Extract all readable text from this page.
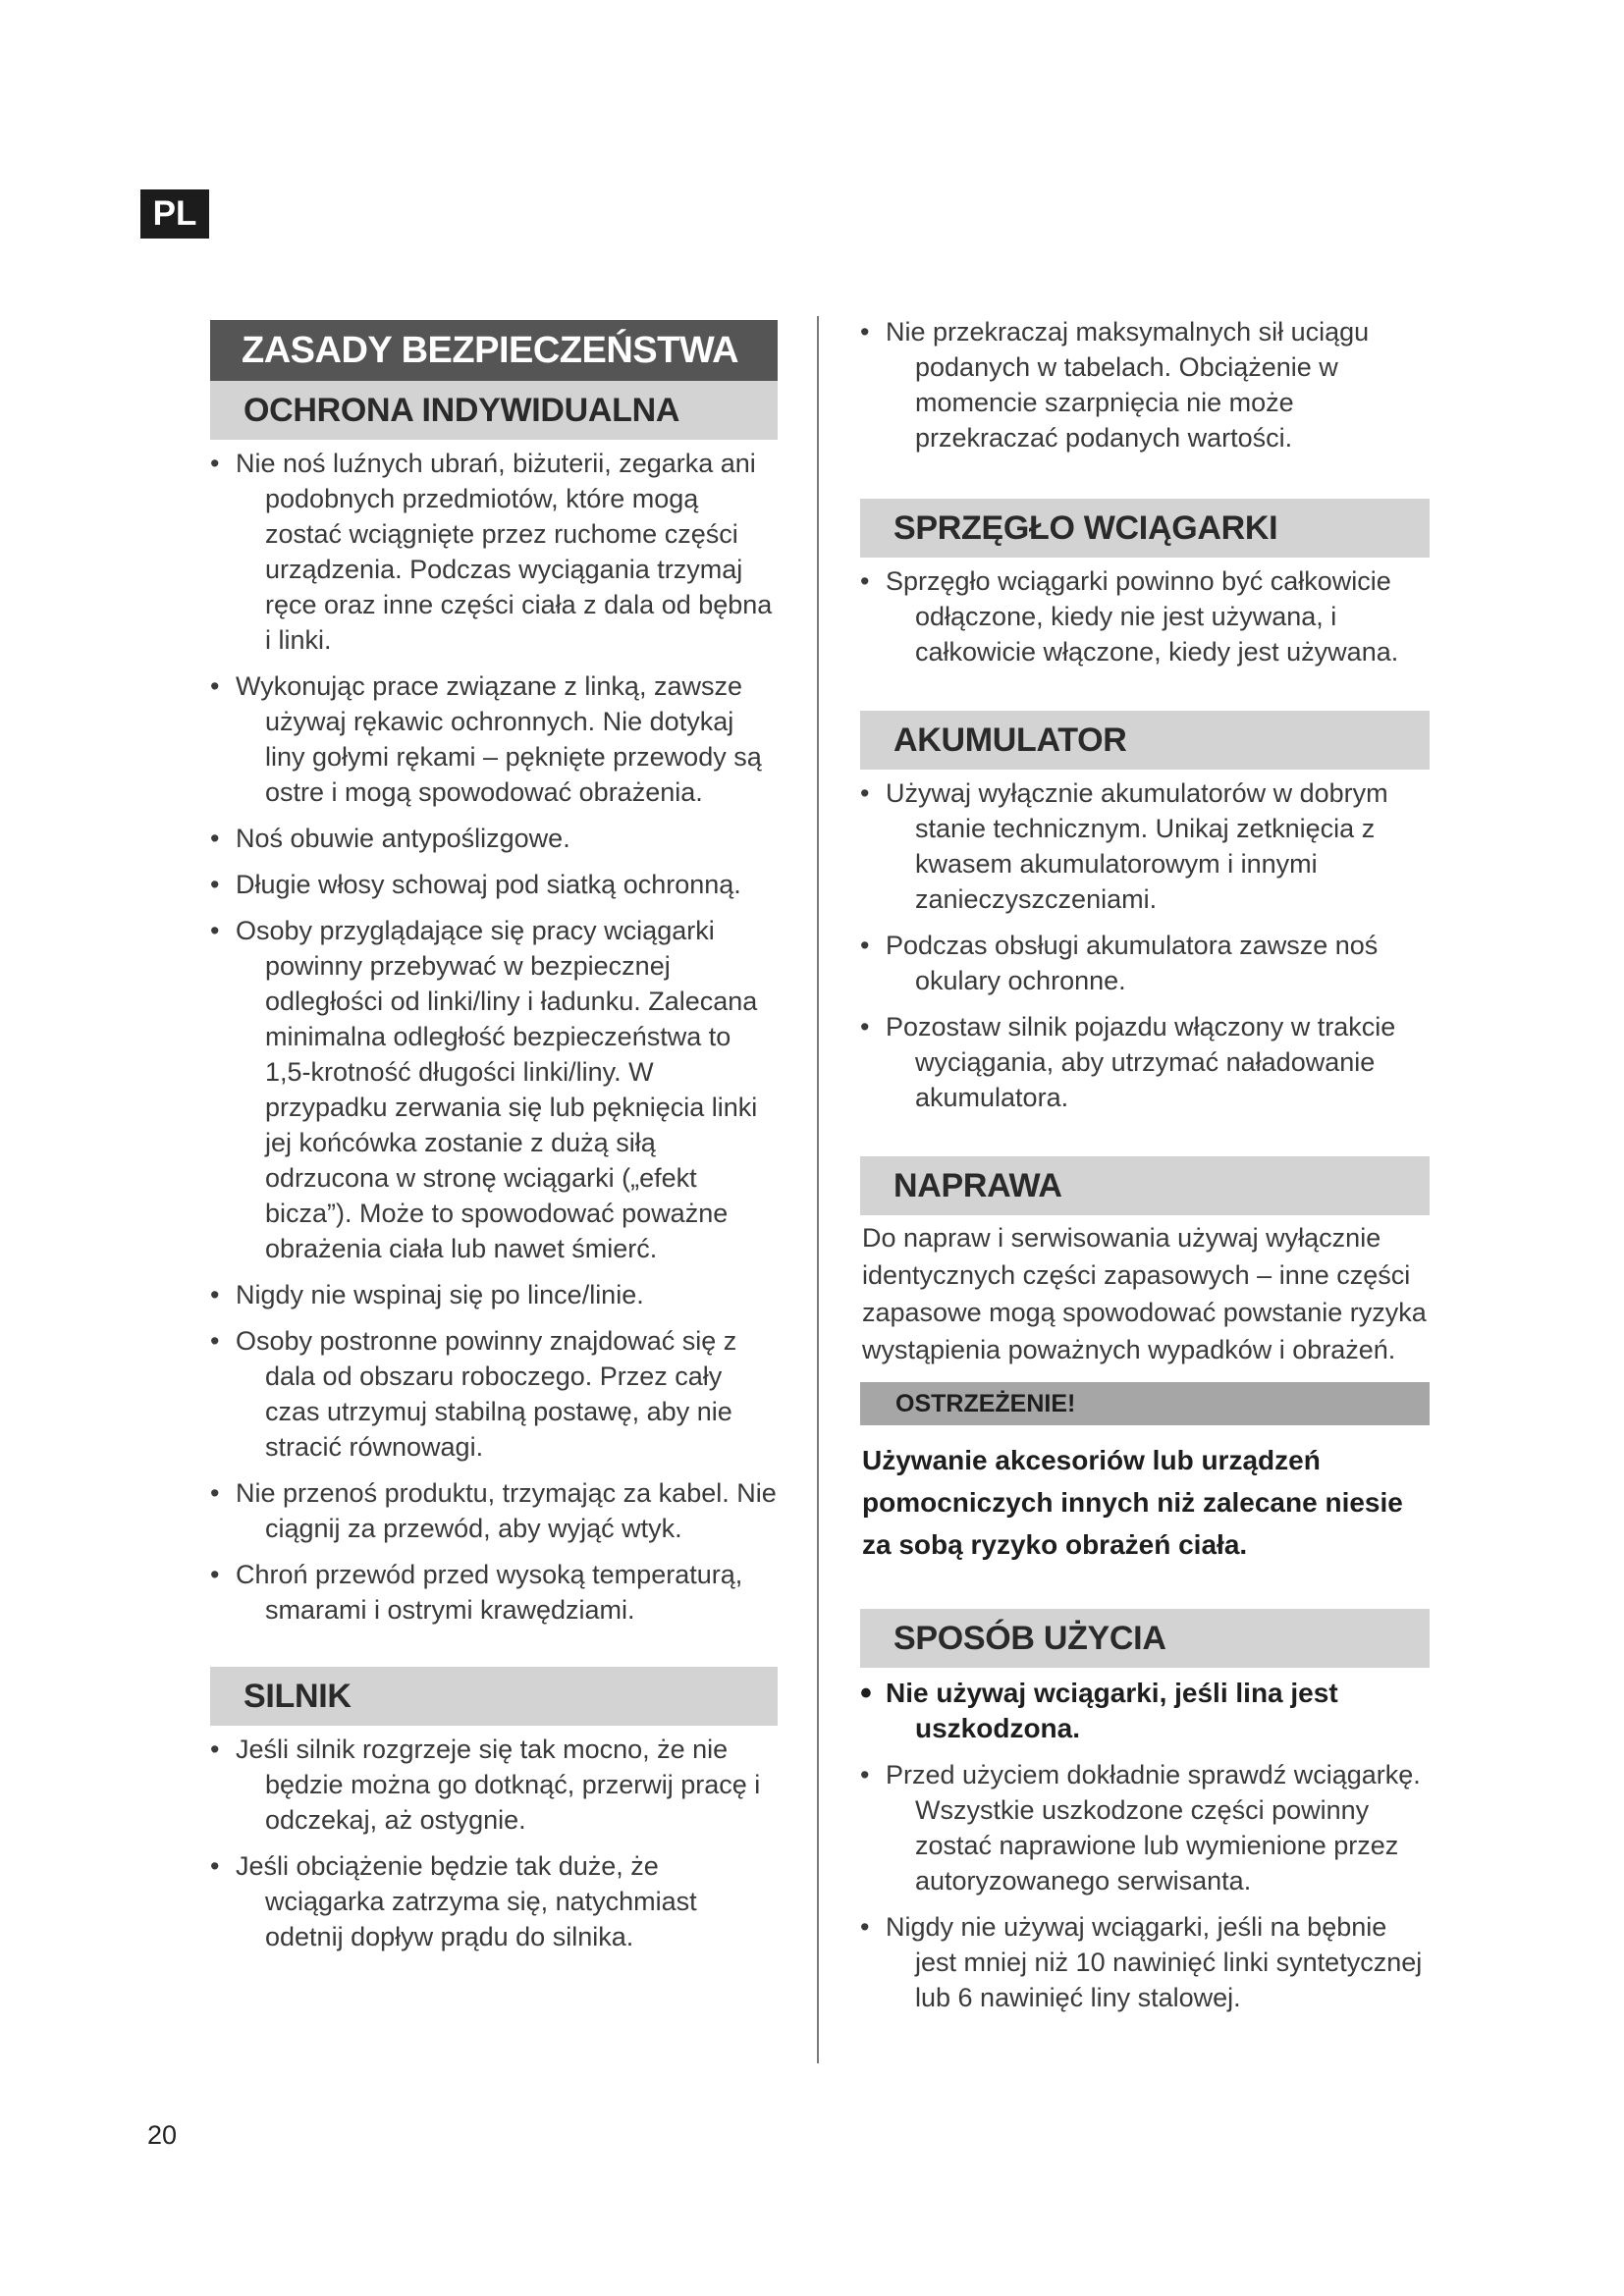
PL
ZASADY BEZPIECZEŃSTWA
OCHRONA INDYWIDUALNA
• Nie noś luźnych ubrań, biżuterii, zegarka ani podobnych przedmiotów, które mogą zostać wciągnięte przez ruchome części urządzenia. Podczas wyciągania trzymaj ręce oraz inne części ciała z dala od bębna i linki.
• Wykonując prace związane z linką, zawsze używaj rękawic ochronnych. Nie dotykaj liny gołymi rękami – pęknięte przewody są ostre i mogą spowodować obrażenia.
• Noś obuwie antypoślizgowe.
• Długie włosy schowaj pod siatką ochronną.
• Osoby przyglądające się pracy wciągarki powinny przebywać w bezpiecznej odległości od linki/liny i ładunku. Zalecana minimalna odległość bezpieczeństwa to 1,5-krotność długości linki/liny. W przypadku zerwania się lub pęknięcia linki jej końcówka zostanie z dużą siłą odrzucona w stronę wciągarki („efekt bicza”). Może to spowodować poważne obrażenia ciała lub nawet śmierć.
• Nigdy nie wspinaj się po lince/linie.
• Osoby postronne powinny znajdować się z dala od obszaru roboczego. Przez cały czas utrzymuj stabilną postawę, aby nie stracić równowagi.
• Nie przenoś produktu, trzymając za kabel. Nie ciągnij za przewód, aby wyjąć wtyk.
• Chroń przewód przed wysoką temperaturą, smarami i ostrymi krawędziami.
SILNIK
• Jeśli silnik rozgrzeje się tak mocno, że nie będzie można go dotknąć, przerwij pracę i odczekaj, aż ostygnie.
• Jeśli obciążenie będzie tak duże, że wciągarka zatrzyma się, natychmiast odetnij dopływ prądu do silnika.
• Nie przekraczaj maksymalnych sił uciągu podanych w tabelach. Obciążenie w momencie szarpnięcia nie może przekraczać podanych wartości.
SPRZĘGŁO WCIĄGARKI
• Sprzęgło wciągarki powinno być całkowicie odłączone, kiedy nie jest używana, i całkowicie włączone, kiedy jest używana.
AKUMULATOR
• Używaj wyłącznie akumulatorów w dobrym stanie technicznym. Unikaj zetknięcia z kwasem akumulatorowym i innymi zanieczyszczeniami.
• Podczas obsługi akumulatora zawsze noś okulary ochronne.
• Pozostaw silnik pojazdu włączony w trakcie wyciągania, aby utrzymać naładowanie akumulatora.
NAPRAWA

Do napraw i serwisowania używaj wyłącznie identycznych części zapasowych – inne części zapasowe mogą spowodować powstanie ryzyka wystąpienia poważnych wypadków i obrażeń.

OSTRZEŻENIE!

Używanie akcesoriów lub urządzeń pomocniczych innych niż zalecane niesie za sobą ryzyko obrażeń ciała.

SPOSÓB UŻYCIA
• Nie używaj wciągarki, jeśli lina jest uszkodzona.
• Przed użyciem dokładnie sprawdź wciągarkę. Wszystkie uszkodzone części powinny zostać naprawione lub wymienione przez autoryzowanego serwisanta.
• Nigdy nie używaj wciągarki, jeśli na bębnie jest mniej niż 10 nawinięć linki syntetycznej lub 6 nawinięć liny stalowej.
20
